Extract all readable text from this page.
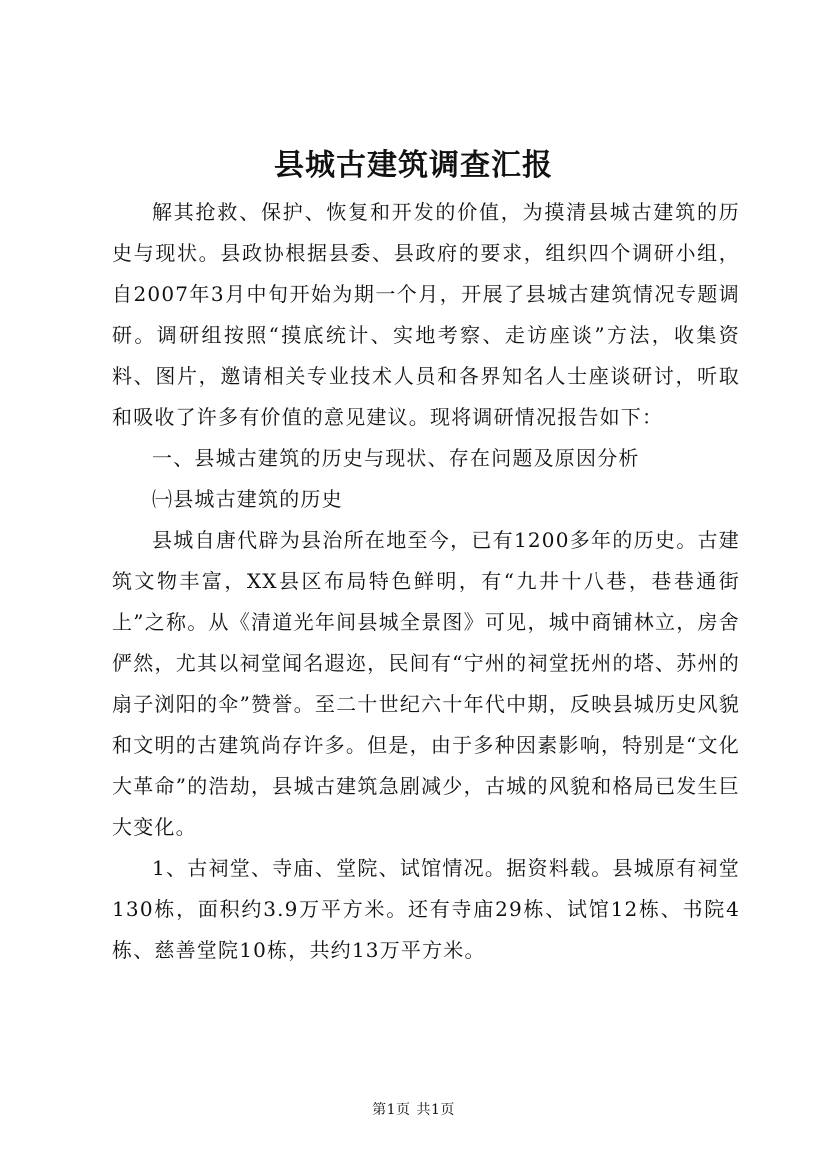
县城古建筑调查汇报

解其抢救、保护、恢复和开发的价值，为摸清县城古建筑的历史与现状。县政协根据县委、县政府的要求，组织四个调研小组，自2007年3月中旬开始为期一个月，开展了县城古建筑情况专题调研。调研组按照“摸底统计、实地考察、走访座谈”方法，收集资料、图片，邀请相关专业技术人员和各界知名人士座谈研讨，听取和吸收了许多有价值的意见建议。现将调研情况报告如下：

一、县城古建筑的历史与现状、存在问题及原因分析

㈠县城古建筑的历史

县城自唐代辟为县治所在地至今，已有1200多年的历史。古建筑文物丰富，XX县区布局特色鲜明，有“九井十八巷，巷巷通街上”之称。从《清道光年间县城全景图》可见，城中商铺林立，房舍俨然，尤其以祠堂闻名遐迩，民间有“宁州的祠堂抚州的塔、苏州的扇子浏阳的伞”赞誉。至二十世纪六十年代中期，反映县城历史风貌和文明的古建筑尚存许多。但是，由于多种因素影响，特别是“文化大革命”的浩劫，县城古建筑急剧减少，古城的风貌和格局已发生巨大变化。

1、古祠堂、寺庙、堂院、试馆情况。据资料载。县城原有祠堂130栋，面积约3.9万平方米。还有寺庙29栋、试馆12栋、书院4栋、慈善堂院10栋，共约13万平方米。

第1页 共1页
